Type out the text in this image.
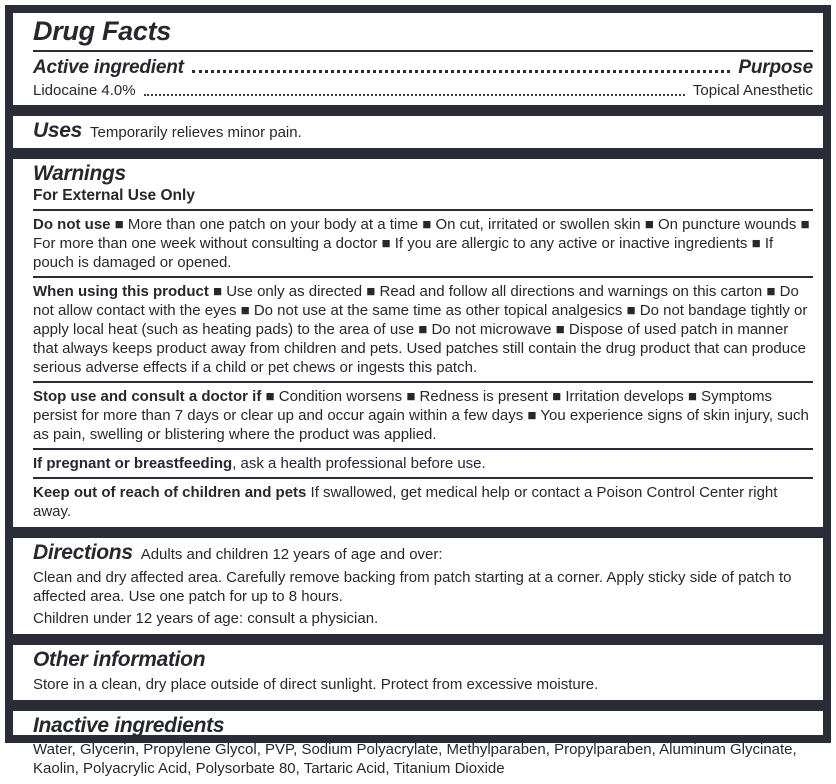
Drug Facts
Active ingredient	Purpose
Lidocaine 4.0%	Topical Anesthetic
Uses Temporarily relieves minor pain.
Warnings
For External Use Only

Do not use ■ More than one patch on your body at a time ■ On cut, irritated or swollen skin ■ On puncture wounds ■ For more than one week without consulting a doctor ■ If you are allergic to any active or inactive ingredients ■ If pouch is damaged or opened.

When using this product ■ Use only as directed ■ Read and follow all directions and warnings on this carton ■ Do not allow contact with the eyes ■ Do not use at the same time as other topical analgesics ■ Do not bandage tightly or apply local heat (such as heating pads) to the area of use ■ Do not microwave ■ Dispose of used patch in manner that always keeps product away from children and pets. Used patches still contain the drug product that can produce serious adverse effects if a child or pet chews or ingests this patch.

Stop use and consult a doctor if ■ Condition worsens ■ Redness is present ■ Irritation develops ■ Symptoms persist for more than 7 days or clear up and occur again within a few days ■ You experience signs of skin injury, such as pain, swelling or blistering where the product was applied.

If pregnant or breastfeeding, ask a health professional before use.

Keep out of reach of children and pets If swallowed, get medical help or contact a Poison Control Center right away.

Directions Adults and children 12 years of age and over:

Clean and dry affected area. Carefully remove backing from patch starting at a corner. Apply sticky side of patch to affected area. Use one patch for up to 8 hours.

Children under 12 years of age: consult a physician.

Other information

Store in a clean, dry place outside of direct sunlight. Protect from excessive moisture.

Inactive ingredients

Water, Glycerin, Propylene Glycol, PVP, Sodium Polyacrylate, Methylparaben, Propylparaben, Aluminum Glycinate, Kaolin, Polyacrylic Acid, Polysorbate 80, Tartaric Acid, Titanium Dioxide
